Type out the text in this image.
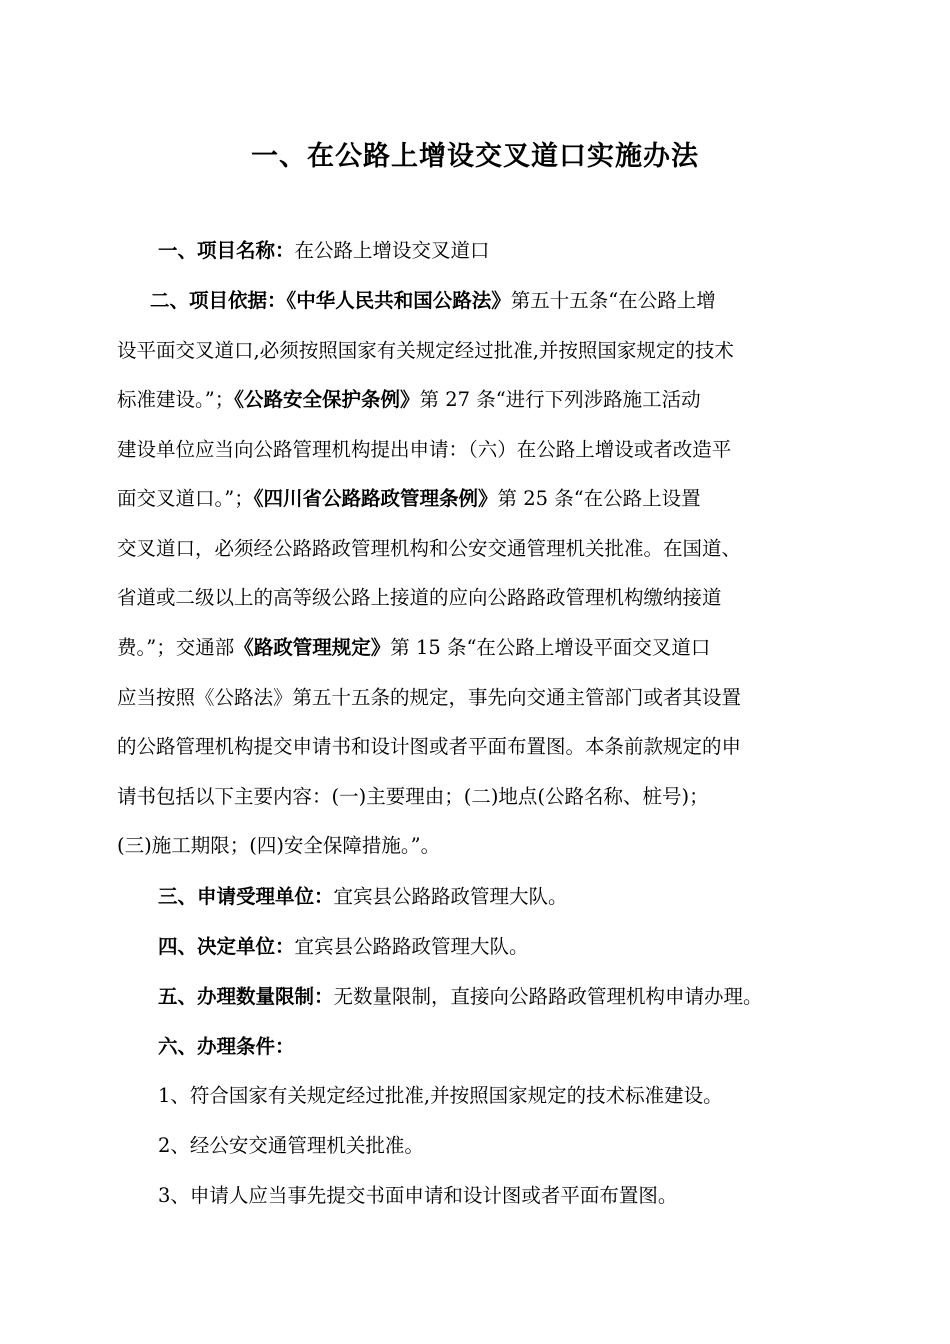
一、在公路上增设交叉道口实施办法
一、项目名称：在公路上增设交叉道口
二、项目依据：《中华人民共和国公路法》第五十五条“在公路上增
设平面交叉道口,必须按照国家有关规定经过批准,并按照国家规定的技术
标准建设。”；《公路安全保护条例》第 27 条“进行下列涉路施工活动
建设单位应当向公路管理机构提出申请：（六）在公路上增设或者改造平
面交叉道口。”；《四川省公路路政管理条例》第 25 条“在公路上设置
交叉道口，必须经公路路政管理机构和公安交通管理机关批准。在国道、
省道或二级以上的高等级公路上接道的应向公路路政管理机构缴纳接道
费。”；交通部《路政管理规定》第 15 条“在公路上增设平面交叉道口
应当按照《公路法》第五十五条的规定，事先向交通主管部门或者其设置
的公路管理机构提交申请书和设计图或者平面布置图。本条前款规定的申
请书包括以下主要内容：(一)主要理由；(二)地点(公路名称、桩号)；
(三)施工期限；(四)安全保障措施。”。
三、申请受理单位：宜宾县公路路政管理大队。
四、决定单位：宜宾县公路路政管理大队。
五、办理数量限制：无数量限制，直接向公路路政管理机构申请办理。
六、办理条件：
1、符合国家有关规定经过批准,并按照国家规定的技术标准建设。
2、经公安交通管理机关批准。
3、申请人应当事先提交书面申请和设计图或者平面布置图。
